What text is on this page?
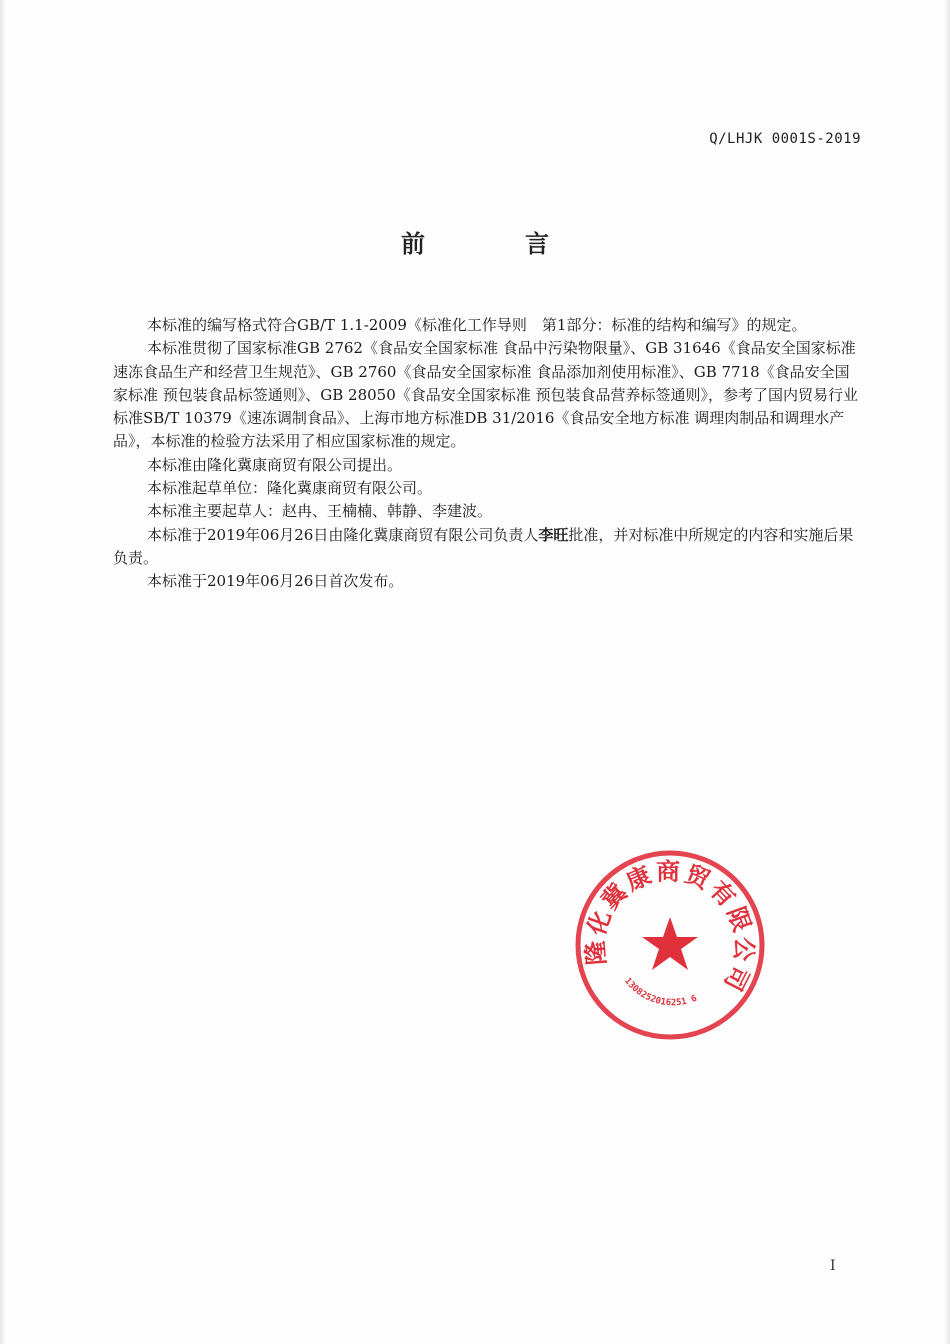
Q/LHJK 0001S-2019
前	言

本标准的编写格式符合GB/T 1.1-2009《标准化工作导则　第1部分：标准的结构和编写》的规定。

本标准贯彻了国家标准GB 2762《食品安全国家标准 食品中污染物限量》、GB 31646《食品安全国家标准 速冻食品生产和经营卫生规范》、GB 2760《食品安全国家标准 食品添加剂使用标准》、GB 7718《食品安全国家标准 预包装食品标签通则》、GB 28050《食品安全国家标准 预包装食品营养标签通则》，参考了国内贸易行业标准SB/T 10379《速冻调制食品》、上海市地方标准DB 31/2016《食品安全地方标准 调理肉制品和调理水产品》，本标准的检验方法采用了相应国家标准的规定。

本标准由隆化冀康商贸有限公司提出。

本标准起草单位：隆化冀康商贸有限公司。

本标准主要起草人：赵冉、王楠楠、韩静、李建波。

本标准于2019年06月26日由隆化冀康商贸有限公司负责人李旺批准，并对标准中所规定的内容和实施后果负责。

本标准于2019年06月26日首次发布。

隆化冀康商贸有限公司
1308252016251 6
I
